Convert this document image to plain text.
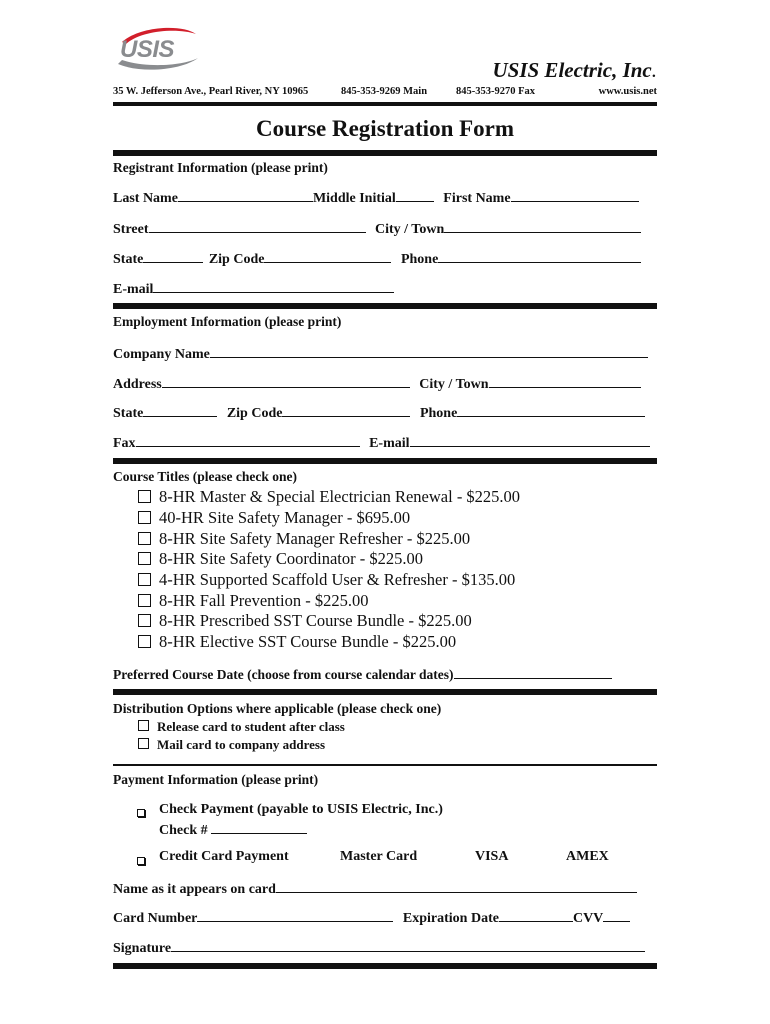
USIS
USIS Electric, Inc.
35 W. Jefferson Ave., Pearl River, NY 10965	845-353-9269 Main	845-353-9270 Fax	www.usis.net
Course Registration Form
Registrant Information (please print)
Last Name	Middle Initial	First Name
Street	City / Town
State	Zip Code	Phone
E-mail
Employment Information (please print)
Company Name
Address	City / Town
State	Zip Code	Phone
Fax	E-mail
Course Titles (please check one)
8-HR Master & Special Electrician Renewal - $225.00
40-HR Site Safety Manager - $695.00
8-HR Site Safety Manager Refresher - $225.00
8-HR Site Safety Coordinator - $225.00
4-HR Supported Scaffold User & Refresher - $135.00
8-HR Fall Prevention - $225.00
8-HR Prescribed SST Course Bundle - $225.00
8-HR Elective SST Course Bundle - $225.00
Preferred Course Date (choose from course calendar dates)
Distribution Options where applicable (please check one)
Release card to student after class
Mail card to company address
Payment Information (please print)
Check Payment (payable to USIS Electric, Inc.)
Check #
Credit Card Payment	Master Card	VISA	AMEX
Name as it appears on card
Card Number	Expiration Date	CVV
Signature
